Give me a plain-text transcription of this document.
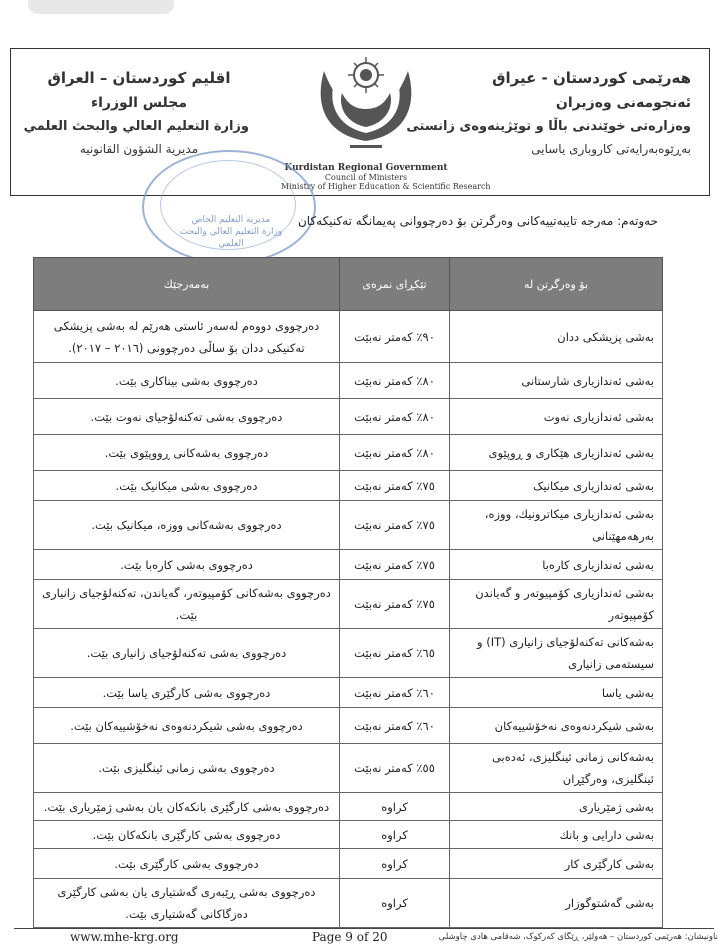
هەرێمی کوردستان - عیراق
ئەنجومەنی وەزیران
وەزارەتی خوێندنی باڵا و توێژینەوەی زانستی
بەڕێوەبەرایەتی کاروباری یاسایی
Kurdistan Regional Government
Council of Ministers
Ministry of Higher Education & Scientific Research
اقليم كوردستان – العراق
مجلس الوزراء
وزارة التعليم العالي والبحث العلمي
مديرية الشؤون القانونيه
مديرية التعليم الخاص
وزارة التعليم العالي والبحث العلمي
حەوتەم: مەرجە تایبەتییەکانی وەرگرتن بۆ دەرچووانی پەیمانگە تەکنیکەکان
بۆ وەرگرتن لە	تێکڕای نمرەی	بەمەرجێك
بەشی پزیشکی ددان	٩٠٪ کەمتر نەبێت	دەرچووی دووەم لەسەر ئاستی هەرێم لە بەشی پزیشکی تەکنیکی ددان بۆ ساڵی دەرچوونی (٢٠١٦ – ٢٠١٧).
بەشی ئەندازیاری شارستانی	٨٠٪ کەمتر نەبێت	دەرچووی بەشی بیناکاری بێت.
بەشی ئەندازیاری نەوت	٨٠٪ کەمتر نەبێت	دەرچووی بەشی تەکنەلۆجیای نەوت بێت.
بەشی ئەندازیاری هێکاری و ڕوپێوی	٨٠٪ کەمتر نەبێت	دەرچووی بەشەکانی ڕووپێوی بێت.
بەشی ئەندازیاری میکانیک	٧٥٪ کەمتر نەبێت	دەرچووی بەشی میکانیک بێت.
بەشی ئەندازیاری میکاترونیك، ووزە، بەرهەمهێنانی	٧٥٪ کەمتر نەبێت	دەرچووی بەشەکانی ووزە، میکانیک بێت.
بەشی ئەندازیاری کارەبا	٧٥٪ کەمتر نەبێت	دەرچووی بەشی کارەبا بێت.
بەشی ئەندازیاری کۆمپیوتەر و گەیاندن کۆمپیوتەر	٧٥٪ کەمتر نەبێت	دەرچووی بەشەکانی کۆمپیوتەر، گەیاندن، تەکنەلۆجیای زانیاری بێت.
بەشەکانی تەکنەلۆجیای زانیاری (IT) و سیستەمی زانیاری	٦٥٪ کەمتر نەبێت	دەرچووی بەشی تەکنەلۆجیای زانیاری بێت.
بەشی یاسا	٦٠٪ کەمتر نەبێت	دەرچووی بەشی کارگێری یاسا بێت.
بەشی شیکردنەوەی نەخۆشییەکان	٦٠٪ کەمتر نەبێت	دەرچووی بەشی شیکردنەوەی نەخۆشییەکان بێت.
بەشەکانی زمانی ئینگلیزی، ئەدەبی ئینگلیزی، وەرگێڕان	٥٥٪ کەمتر نەبێت	دەرچووی بەشی زمانی ئینگلیزی بێت.
بەشی ژمێریاری	کراوە	دەرچووی بەشی کارگێری بانکەکان یان بەشی ژمێریاری بێت.
بەشی دارایی و بانك	کراوە	دەرچووی بەشی کارگێری بانکەکان بێت.
بەشی کارگێری کار	کراوە	دەرچووی بەشی کارگێری بێت.
بەشی گەشتوگوزار	کراوە	دەرچووی بەشی ڕێبەری گەشتیاری یان بەشی کارگێری دەزگاکانی گەشتیاری بێت.
www.mhe-krg.org	Page 9 of 20	ناونیشان: هەرێمی کوردستان – هەولێر، ڕێگای کەرکوک، شەقامی هادی چاوشلی
